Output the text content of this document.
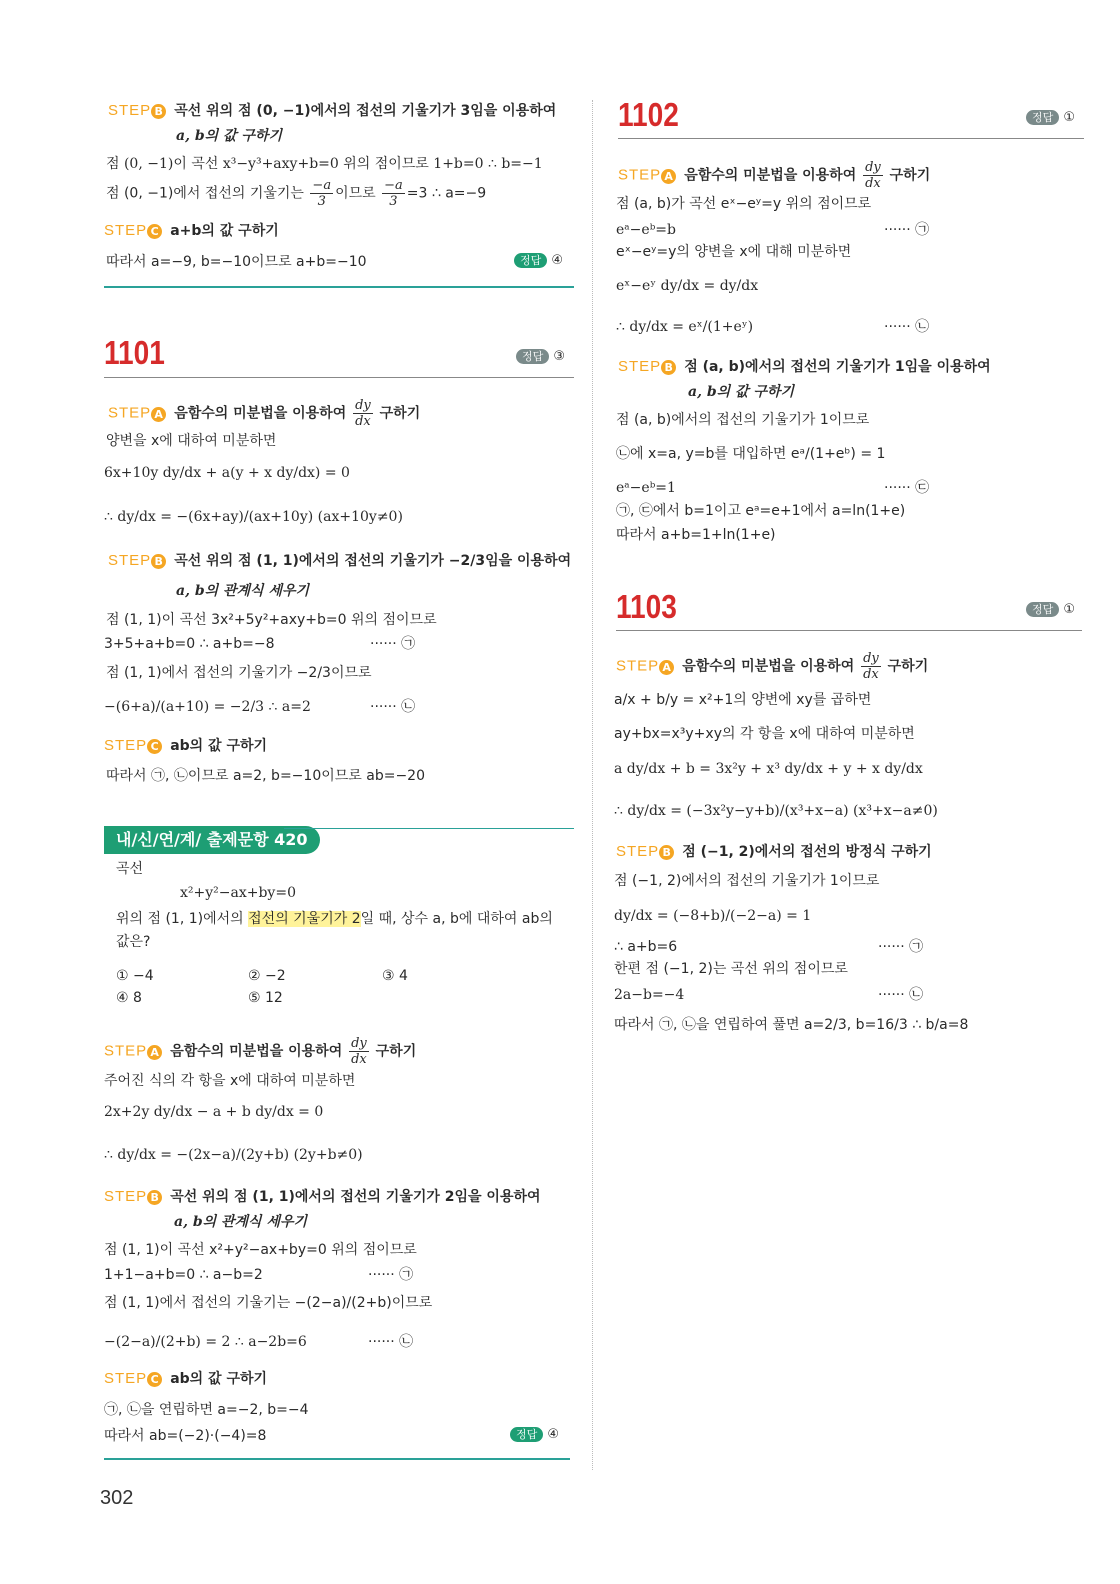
STEP B 곡선 위의 점 (0, −1)에서의 접선의 기울기가 3임을 이용하여
a, b의 값 구하기
점 (0, −1)이 곡선 x³−y³+axy+b=0 위의 점이므로 1+b=0 ∴ b=−1
점 (0, −1)에서 접선의 기울기는 $\frac{-a}{3}$ 이므로 $\frac{-a}{3} =3$ ∴ a=−9
STEP C a+b의 값 구하기
따라서 a=−9, b=−10이므로 a+b=−10	정답 ④
1101	정답 ③
STEP A 음함수의 미분법을 이용하여 $\frac{dy}{dx}$ 구하기
양변을 x에 대하여 미분하면
6x+10y dy/dx + a(y + x dy/dx) = 0
∴ dy/dx = −(6x+ay)/(ax+10y) (ax+10y≠0)
STEP B 곡선 위의 점 (1, 1)에서의 접선의 기울기가 −2/3임을 이용하여
a, b의 관계식 세우기
점 (1, 1)이 곡선 3x²+5y²+axy+b=0 위의 점이므로
3+5+a+b=0 ∴ a+b=−8	······ ㉠
점 (1, 1)에서 접선의 기울기가 −2/3이므로
−(6+a)/(a+10) = −2/3 ∴ a=2	······ ㉡
STEP C ab의 값 구하기
따라서 ㉠, ㉡이므로 a=2, b=−10이므로 ab=−20
내/신/연/계/ 출제문항 420
곡선
x²+y²−ax+by=0
위의 점 (1, 1)에서의 접선의 기울기가 2일 때, 상수 a, b에 대하여 ab의
값은?
① −4	② −2	③ 4
④ 8	⑤ 12
STEP A 음함수의 미분법을 이용하여 $\frac{dy}{dx}$ 구하기
주어진 식의 각 항을 x에 대하여 미분하면
2x+2y dy/dx − a + b dy/dx = 0
∴ dy/dx = −(2x−a)/(2y+b) (2y+b≠0)
STEP B 곡선 위의 점 (1, 1)에서의 접선의 기울기가 2임을 이용하여
a, b의 관계식 세우기
점 (1, 1)이 곡선 x²+y²−ax+by=0 위의 점이므로
1+1−a+b=0 ∴ a−b=2	······ ㉠
점 (1, 1)에서 접선의 기울기는 −(2−a)/(2+b)이므로
−(2−a)/(2+b) = 2 ∴ a−2b=6	······ ㉡
STEP C ab의 값 구하기
㉠, ㉡을 연립하면 a=−2, b=−4
따라서 ab=(−2)·(−4)=8	정답 ④
1102	정답 ①
STEP A 음함수의 미분법을 이용하여 $\frac{dy}{dx}$ 구하기
점 (a, b)가 곡선 eˣ−eʸ=y 위의 점이므로
eᵃ−eᵇ=b	······ ㉠
eˣ−eʸ=y의 양변을 x에 대해 미분하면
eˣ−eʸ dy/dx = dy/dx
∴ dy/dx = eˣ/(1+eʸ)	······ ㉡
STEP B 점 (a, b)에서의 접선의 기울기가 1임을 이용하여
a, b의 값 구하기
점 (a, b)에서의 접선의 기울기가 1이므로
㉡에 x=a, y=b를 대입하면 eᵃ/(1+eᵇ) = 1
eᵃ−eᵇ=1	······ ㉢
㉠, ㉢에서 b=1이고 eᵃ=e+1에서 a=ln(1+e)
따라서 a+b=1+ln(1+e)
1103	정답 ①
STEP A 음함수의 미분법을 이용하여 $\frac{dy}{dx}$ 구하기
a/x + b/y = x²+1의 양변에 xy를 곱하면
ay+bx=x³y+xy의 각 항을 x에 대하여 미분하면
a dy/dx + b = 3x²y + x³ dy/dx + y + x dy/dx
∴ dy/dx = (−3x²y−y+b)/(x³+x−a) (x³+x−a≠0)
STEP B 점 (−1, 2)에서의 접선의 방정식 구하기
점 (−1, 2)에서의 접선의 기울기가 1이므로
dy/dx = (−8+b)/(−2−a) = 1
∴ a+b=6	······ ㉠
한편 점 (−1, 2)는 곡선 위의 점이므로
2a−b=−4	······ ㉡
따라서 ㉠, ㉡을 연립하여 풀면 a=2/3, b=16/3 ∴ b/a=8
302
